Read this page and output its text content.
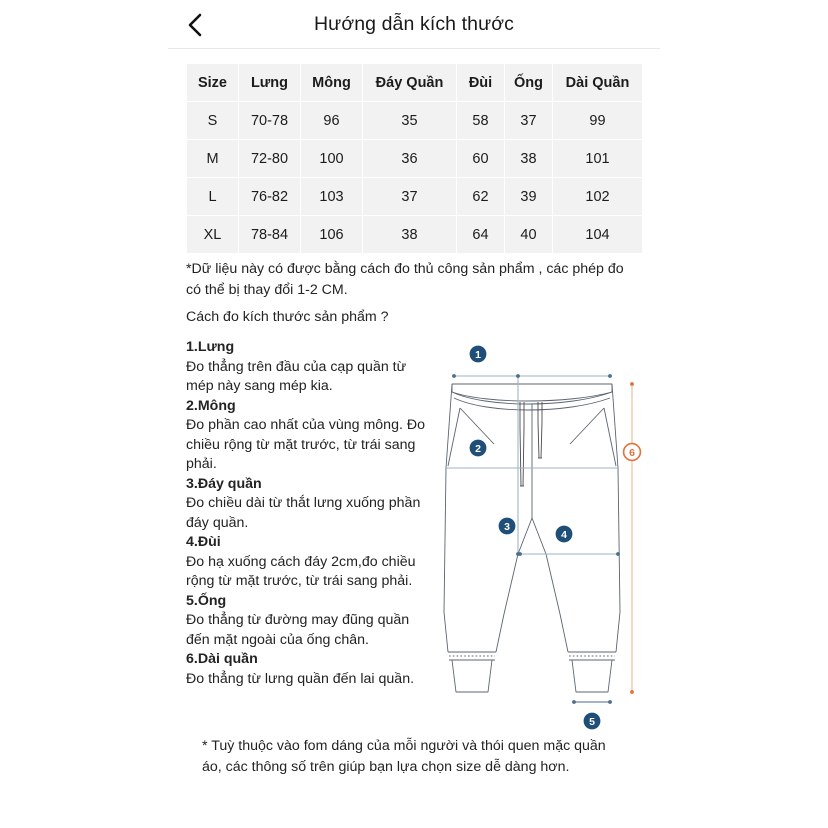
Hướng dẫn kích thước
Size	Lưng	Mông	Đáy Quần	Đùi	Ống	Dài Quần
S	70-78	96	35	58	37	99
M	72-80	100	36	60	38	101
L	76-82	103	37	62	39	102
XL	78-84	106	38	64	40	104
*Dữ liệu này có được bằng cách đo thủ công sản phẩm , các phép đo có thể bị thay đổi 1-2 CM.
Cách đo kích thước sản phẩm ?
1.Lưng
Đo thẳng trên đầu của cạp quần từ mép này sang mép kia.
2.Mông
Đo phần cao nhất của vùng mông. Đo chiều rộng từ mặt trước, từ trái sang phải.
3.Đáy quần
Đo chiều dài từ thắt lưng xuống phần đáy quần.
4.Đùi
Đo hạ xuống cách đáy 2cm,đo chiều rộng từ mặt trước, từ trái sang phải.
5.Ống
Đo thẳng từ đường may đũng quần đến mặt ngoài của ống chân.
6.Dài quần
Đo thẳng từ lưng quần đến lai quần.
1
2
3
4
5
6
* Tuỳ thuộc vào fom dáng của mỗi người và thói quen mặc quần áo, các thông số trên giúp bạn lựa chọn size dễ dàng hơn.
